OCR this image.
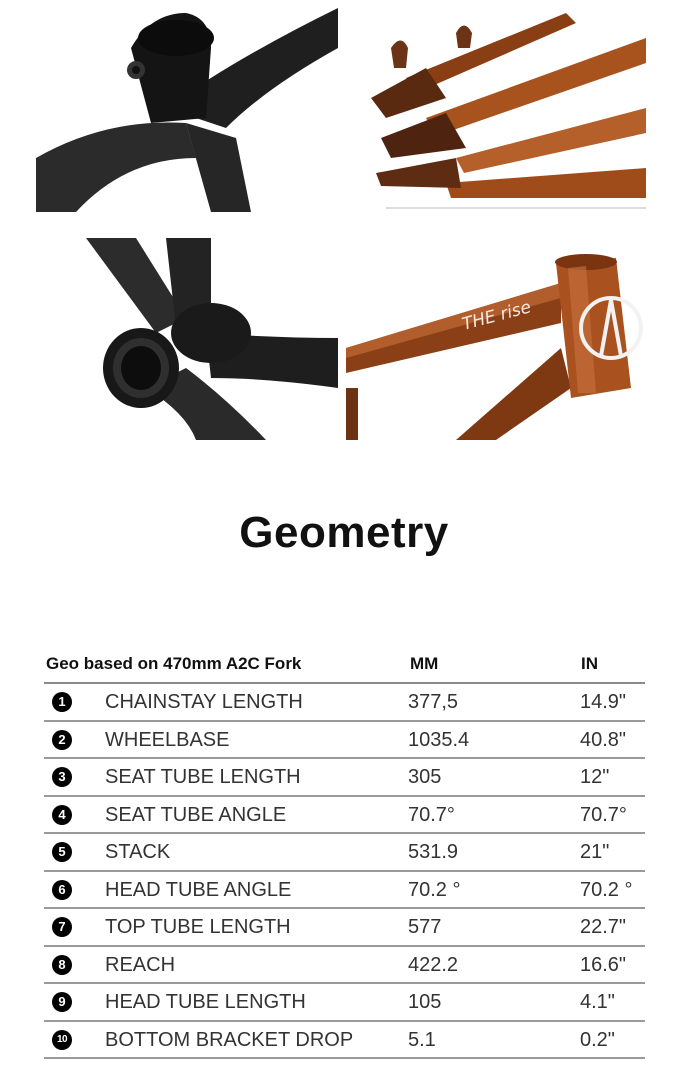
THE rise
Geometry
Geo based on 470mm A2C Fork	MM	IN
1	CHAINSTAY LENGTH	377,5	14.9"
2	WHEELBASE	1035.4	40.8"
3	SEAT TUBE LENGTH	305	12"
4	SEAT TUBE ANGLE	70.7°	70.7°
5	STACK	531.9	21"
6	HEAD TUBE ANGLE	70.2 °	70.2 °
7	TOP TUBE LENGTH	577	22.7"
8	REACH	422.2	16.6"
9	HEAD TUBE LENGTH	105	4.1"
10 BOTTOM BRACKET DROP	5.1	0.2"
